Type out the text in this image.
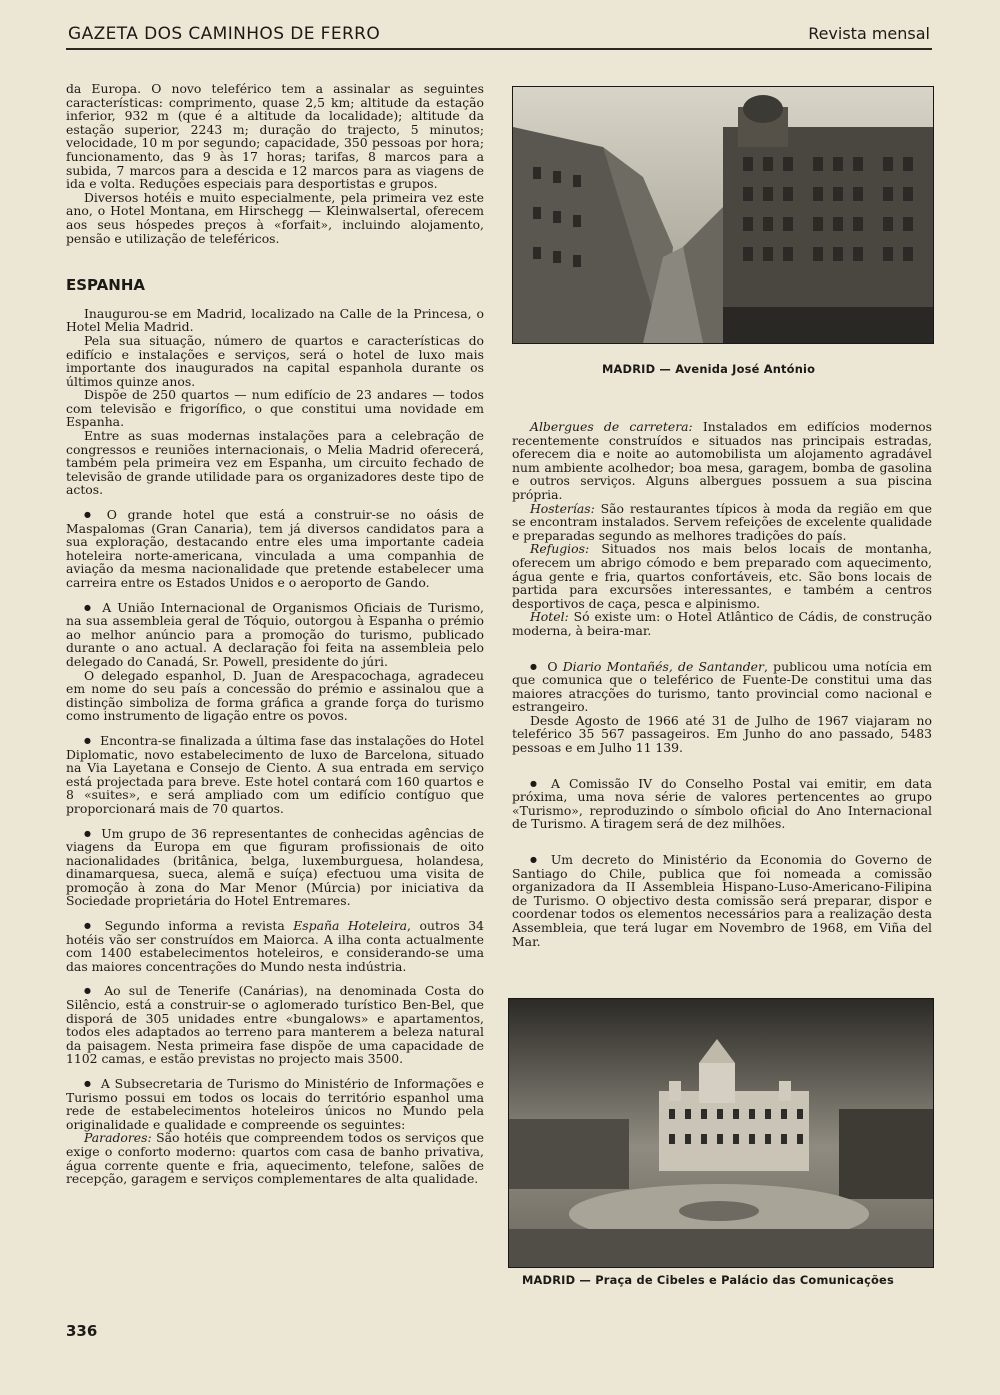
GAZETA DOS CAMINHOS DE FERRO	Revista mensal

da Europa. O novo teleférico tem a assinalar as seguintes características: comprimento, quase 2,5 km; altitude da estação inferior, 932 m (que é a altitude da localidade); altitude da estação superior, 2243 m; duração do trajecto, 5 minutos; velocidade, 10 m por segundo; capacidade, 350 pessoas por hora; funcionamento, das 9 às 17 horas; tarifas, 8 marcos para a subida, 7 marcos para a descida e 12 marcos para as viagens de ida e volta. Reduções especiais para desportistas e grupos.

Diversos hotéis e muito especialmente, pela primeira vez este ano, o Hotel Montana, em Hirschegg — Kleinwalsertal, oferecem aos seus hóspedes preços à «forfait», incluindo alojamento, pensão e utilização de teleféricos.

ESPANHA

Inaugurou-se em Madrid, localizado na Calle de la Princesa, o Hotel Melia Madrid.

Pela sua situação, número de quartos e características do edifício e instalações e serviços, será o hotel de luxo mais importante dos inaugurados na capital espanhola durante os últimos quinze anos.

Dispõe de 250 quartos — num edifício de 23 andares — todos com televisão e frigorífico, o que constitui uma novidade em Espanha.

Entre as suas modernas instalações para a celebração de congressos e reuniões internacionais, o Melia Madrid oferecerá, também pela primeira vez em Espanha, um circuito fechado de televisão de grande utilidade para os organizadores deste tipo de actos.

● O grande hotel que está a construir-se no oásis de Maspalomas (Gran Canaria), tem já diversos candidatos para a sua exploração, destacando entre eles uma importante cadeia hoteleira norte-americana, vinculada a uma companhia de aviação da mesma nacionalidade que pretende estabelecer uma carreira entre os Estados Unidos e o aeroporto de Gando.

● A União Internacional de Organismos Oficiais de Turismo, na sua assembleia geral de Tóquio, outorgou à Espanha o prémio ao melhor anúncio para a promoção do turismo, publicado durante o ano actual. A declaração foi feita na assembleia pelo delegado do Canadá, Sr. Powell, presidente do júri.

O delegado espanhol, D. Juan de Arespacochaga, agradeceu em nome do seu país a concessão do prémio e assinalou que a distinção simboliza de forma gráfica a grande força do turismo como instrumento de ligação entre os povos.

● Encontra-se finalizada a última fase das instalações do Hotel Diplomatic, novo estabelecimento de luxo de Barcelona, situado na Via Layetana e Consejo de Ciento. A sua entrada em serviço está projectada para breve. Este hotel contará com 160 quartos e 8 «suites», e será ampliado com um edifício contíguo que proporcionará mais de 70 quartos.

● Um grupo de 36 representantes de conhecidas agências de viagens da Europa em que figuram profissionais de oito nacionalidades (britânica, belga, luxemburguesa, holandesa, dinamarquesa, sueca, alemã e suíça) efectuou uma visita de promoção à zona do Mar Menor (Múrcia) por iniciativa da Sociedade proprietária do Hotel Entremares.

● Segundo informa a revista España Hoteleira, outros 34 hotéis vão ser construídos em Maiorca. A ilha conta actualmente com 1400 estabelecimentos hoteleiros, e considerando-se uma das maiores concentrações do Mundo nesta indústria.

● Ao sul de Tenerife (Canárias), na denominada Costa do Silêncio, está a construir-se o aglomerado turístico Ben-Bel, que disporá de 305 unidades entre «bungalows» e apartamentos, todos eles adaptados ao terreno para manterem a beleza natural da paisagem. Nesta primeira fase dispõe de uma capacidade de 1102 camas, e estão previstas no projecto mais 3500.

● A Subsecretaria de Turismo do Ministério de Informações e Turismo possui em todos os locais do território espanhol uma rede de estabelecimentos hoteleiros únicos no Mundo pela originalidade e qualidade e compreende os seguintes:

Paradores: São hotéis que compreendem todos os serviços que exige o conforto moderno: quartos com casa de banho privativa, água corrente quente e fria, aquecimento, telefone, salões de recepção, garagem e serviços complementares de alta qualidade.

MADRID — Avenida José António

Albergues de carretera: Instalados em edifícios modernos recentemente construídos e situados nas principais estradas, oferecem dia e noite ao automobilista um alojamento agradável num ambiente acolhedor; boa mesa, garagem, bomba de gasolina e outros serviços. Alguns albergues possuem a sua piscina própria.

Hosterías: São restaurantes típicos à moda da região em que se encontram instalados. Servem refeições de excelente qualidade e preparadas segundo as melhores tradições do país.

Refugios: Situados nos mais belos locais de montanha, oferecem um abrigo cómodo e bem preparado com aquecimento, água gente e fria, quartos confortáveis, etc. São bons locais de partida para excursões interessantes, e também a centros desportivos de caça, pesca e alpinismo.

Hotel: Só existe um: o Hotel Atlântico de Cádis, de construção moderna, à beira-mar.

● O Diario Montañés, de Santander, publicou uma notícia em que comunica que o teleférico de Fuente-De constitui uma das maiores atracções do turismo, tanto provincial como nacional e estrangeiro.

Desde Agosto de 1966 até 31 de Julho de 1967 viajaram no teleférico 35 567 passageiros. Em Junho do ano passado, 5483 pessoas e em Julho 11 139.

● A Comissão IV do Conselho Postal vai emitir, em data próxima, uma nova série de valores pertencentes ao grupo «Turismo», reproduzindo o símbolo oficial do Ano Internacional de Turismo. A tiragem será de dez milhões.

● Um decreto do Ministério da Economia do Governo de Santiago do Chile, publica que foi nomeada a comissão organizadora da II Assembleia Hispano-Luso-Americano-Filipina de Turismo. O objectivo desta comissão será preparar, dispor e coordenar todos os elementos necessários para a realização desta Assembleia, que terá lugar em Novembro de 1968, em Viña del Mar.

MADRID — Praça de Cibeles e Palácio das Comunicações
336
